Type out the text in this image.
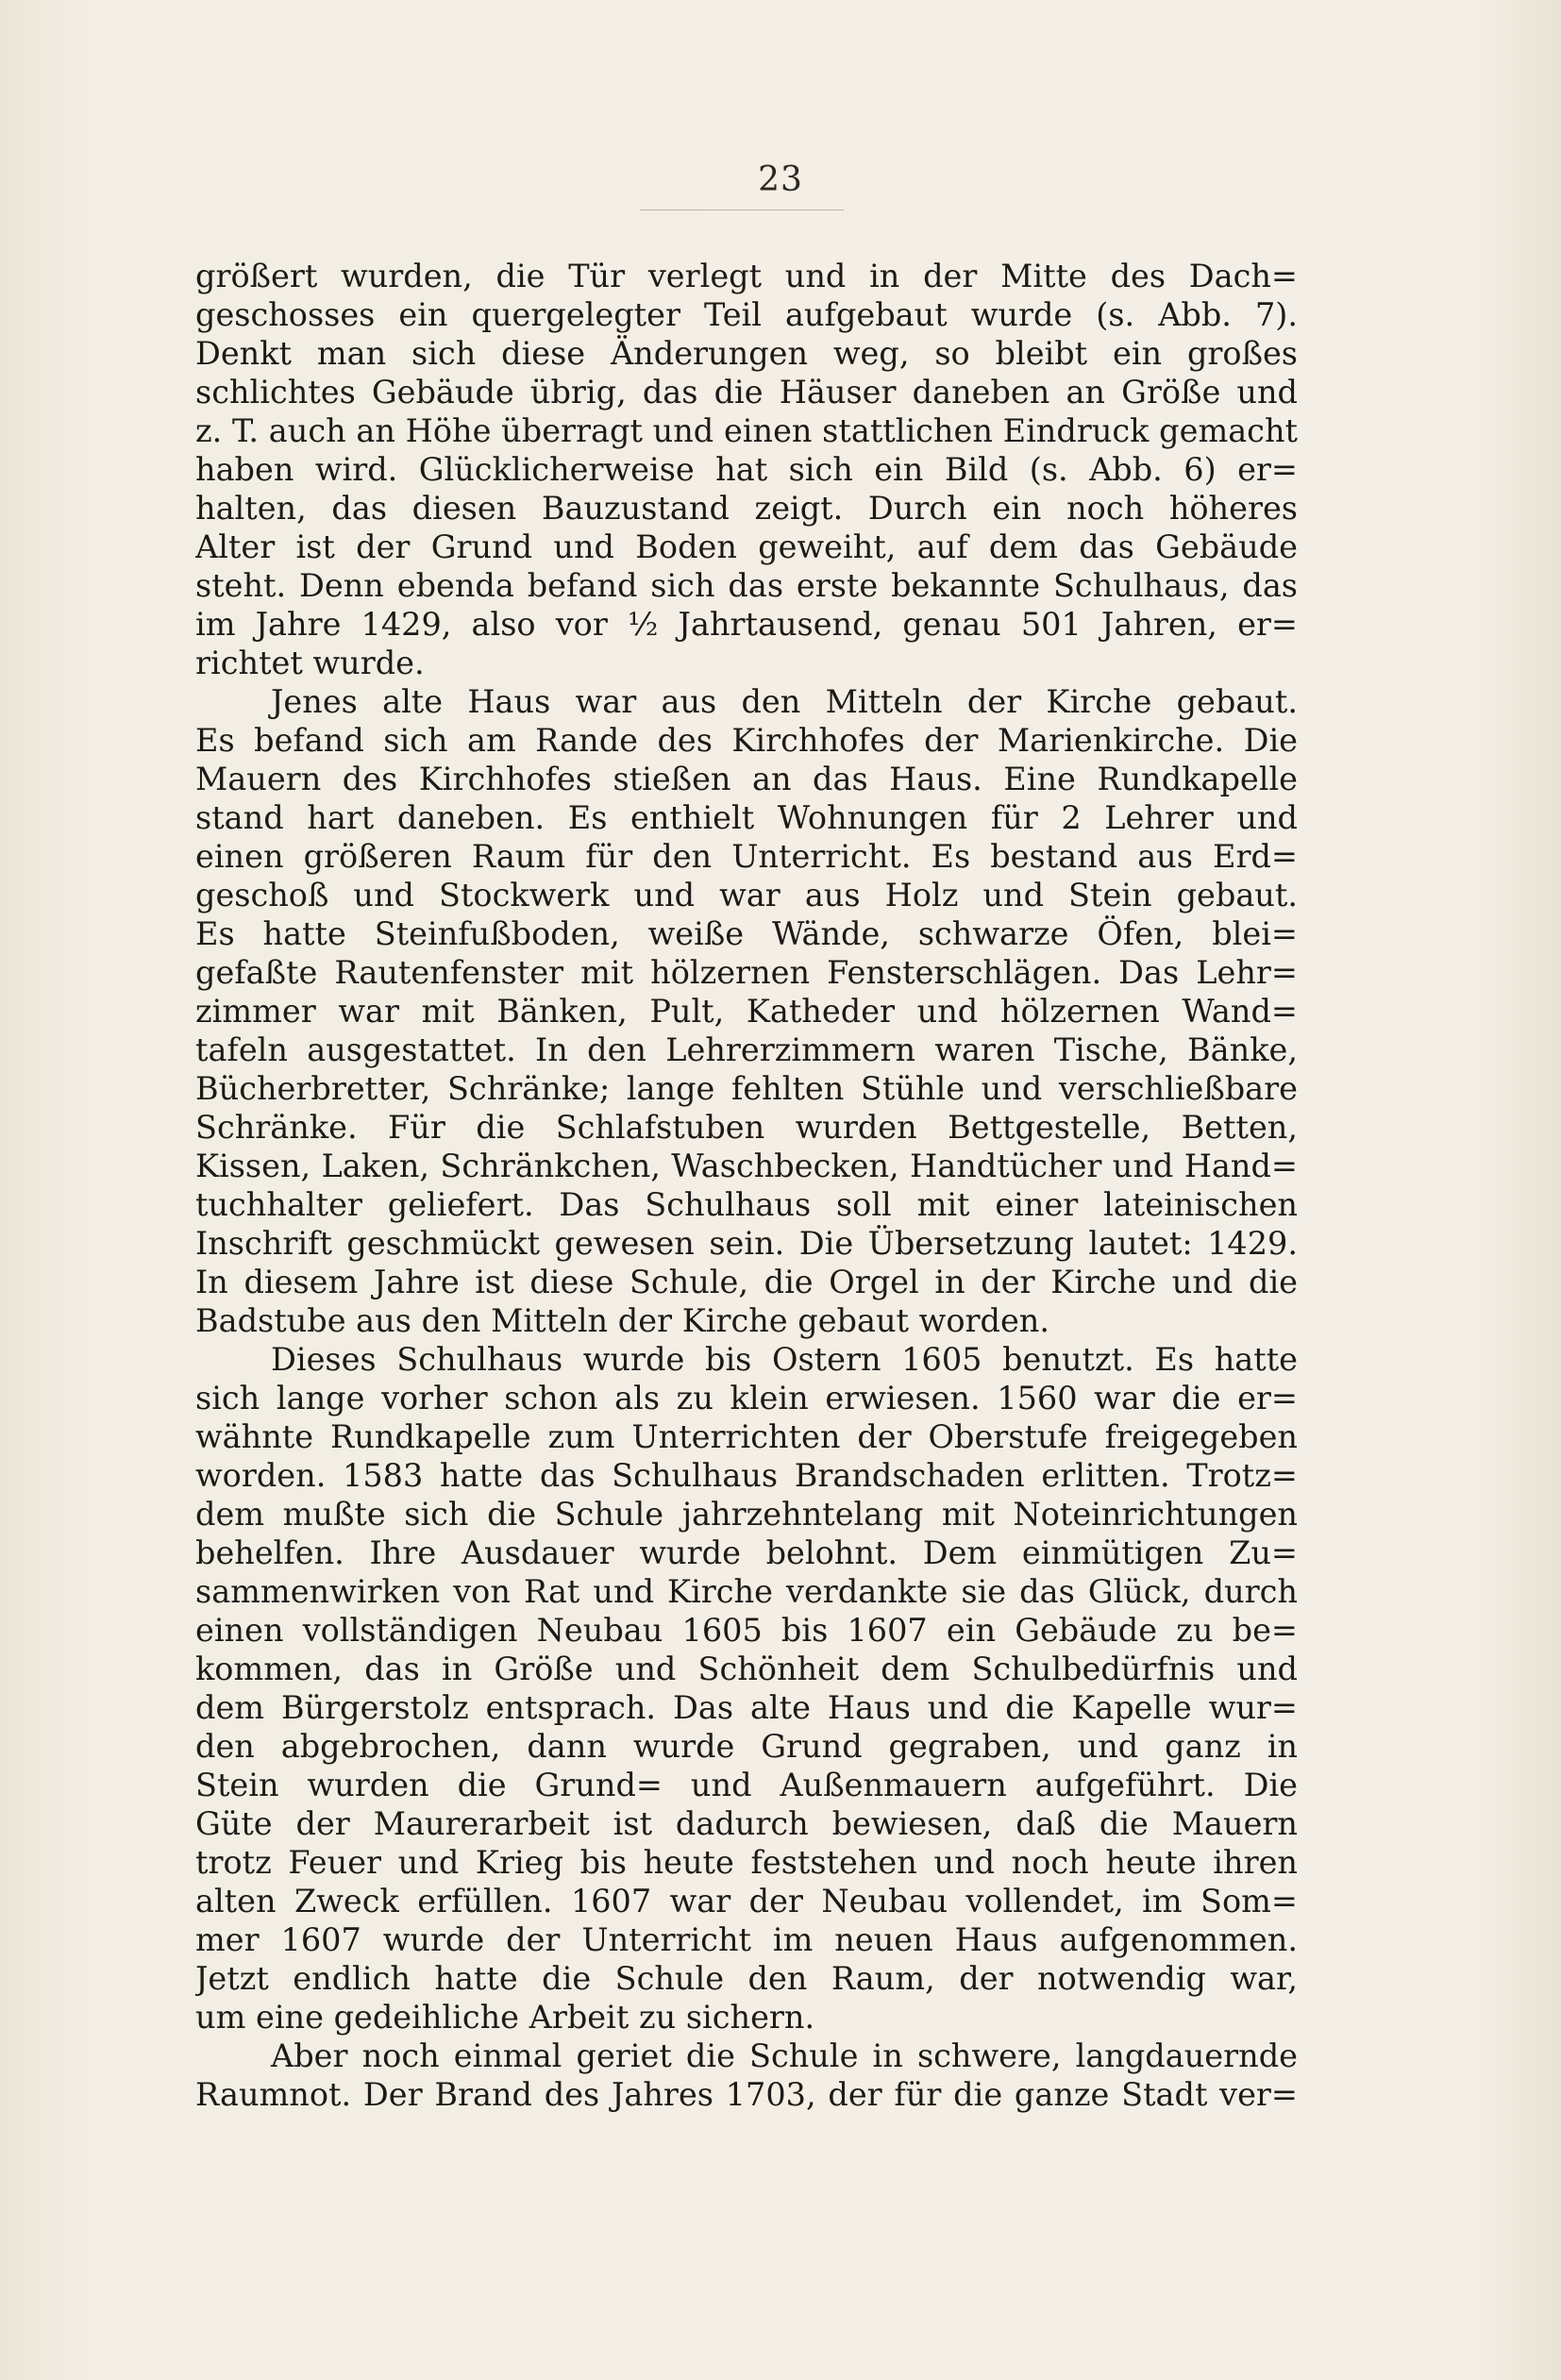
23
größert wurden, die Tür verlegt und in der Mitte des Dach=
geschosses ein quergelegter Teil aufgebaut wurde (s. Abb. 7).
Denkt man sich diese Änderungen weg, so bleibt ein großes
schlichtes Gebäude übrig, das die Häuser daneben an Größe und
z. T. auch an Höhe überragt und einen stattlichen Eindruck gemacht
haben wird. Glücklicherweise hat sich ein Bild (s. Abb. 6) er=
halten, das diesen Bauzustand zeigt. Durch ein noch höheres
Alter ist der Grund und Boden geweiht, auf dem das Gebäude
steht. Denn ebenda befand sich das erste bekannte Schulhaus, das
im Jahre 1429, also vor ½ Jahrtausend, genau 501 Jahren, er=
richtet wurde.
Jenes alte Haus war aus den Mitteln der Kirche gebaut.
Es befand sich am Rande des Kirchhofes der Marienkirche. Die
Mauern des Kirchhofes stießen an das Haus. Eine Rundkapelle
stand hart daneben. Es enthielt Wohnungen für 2 Lehrer und
einen größeren Raum für den Unterricht. Es bestand aus Erd=
geschoß und Stockwerk und war aus Holz und Stein gebaut.
Es hatte Steinfußboden, weiße Wände, schwarze Öfen, blei=
gefaßte Rautenfenster mit hölzernen Fensterschlägen. Das Lehr=
zimmer war mit Bänken, Pult, Katheder und hölzernen Wand=
tafeln ausgestattet. In den Lehrerzimmern waren Tische, Bänke,
Bücherbretter, Schränke; lange fehlten Stühle und verschließbare
Schränke. Für die Schlafstuben wurden Bettgestelle, Betten,
Kissen, Laken, Schränkchen, Waschbecken, Handtücher und Hand=
tuchhalter geliefert. Das Schulhaus soll mit einer lateinischen
Inschrift geschmückt gewesen sein. Die Übersetzung lautet: 1429.
In diesem Jahre ist diese Schule, die Orgel in der Kirche und die
Badstube aus den Mitteln der Kirche gebaut worden.
Dieses Schulhaus wurde bis Ostern 1605 benutzt. Es hatte
sich lange vorher schon als zu klein erwiesen. 1560 war die er=
wähnte Rundkapelle zum Unterrichten der Oberstufe freigegeben
worden. 1583 hatte das Schulhaus Brandschaden erlitten. Trotz=
dem mußte sich die Schule jahrzehntelang mit Noteinrichtungen
behelfen. Ihre Ausdauer wurde belohnt. Dem einmütigen Zu=
sammenwirken von Rat und Kirche verdankte sie das Glück, durch
einen vollständigen Neubau 1605 bis 1607 ein Gebäude zu be=
kommen, das in Größe und Schönheit dem Schulbedürfnis und
dem Bürgerstolz entsprach. Das alte Haus und die Kapelle wur=
den abgebrochen, dann wurde Grund gegraben, und ganz in
Stein wurden die Grund= und Außenmauern aufgeführt. Die
Güte der Maurerarbeit ist dadurch bewiesen, daß die Mauern
trotz Feuer und Krieg bis heute feststehen und noch heute ihren
alten Zweck erfüllen. 1607 war der Neubau vollendet, im Som=
mer 1607 wurde der Unterricht im neuen Haus aufgenommen.
Jetzt endlich hatte die Schule den Raum, der notwendig war,
um eine gedeihliche Arbeit zu sichern.
Aber noch einmal geriet die Schule in schwere, langdauernde
Raumnot. Der Brand des Jahres 1703, der für die ganze Stadt ver=
